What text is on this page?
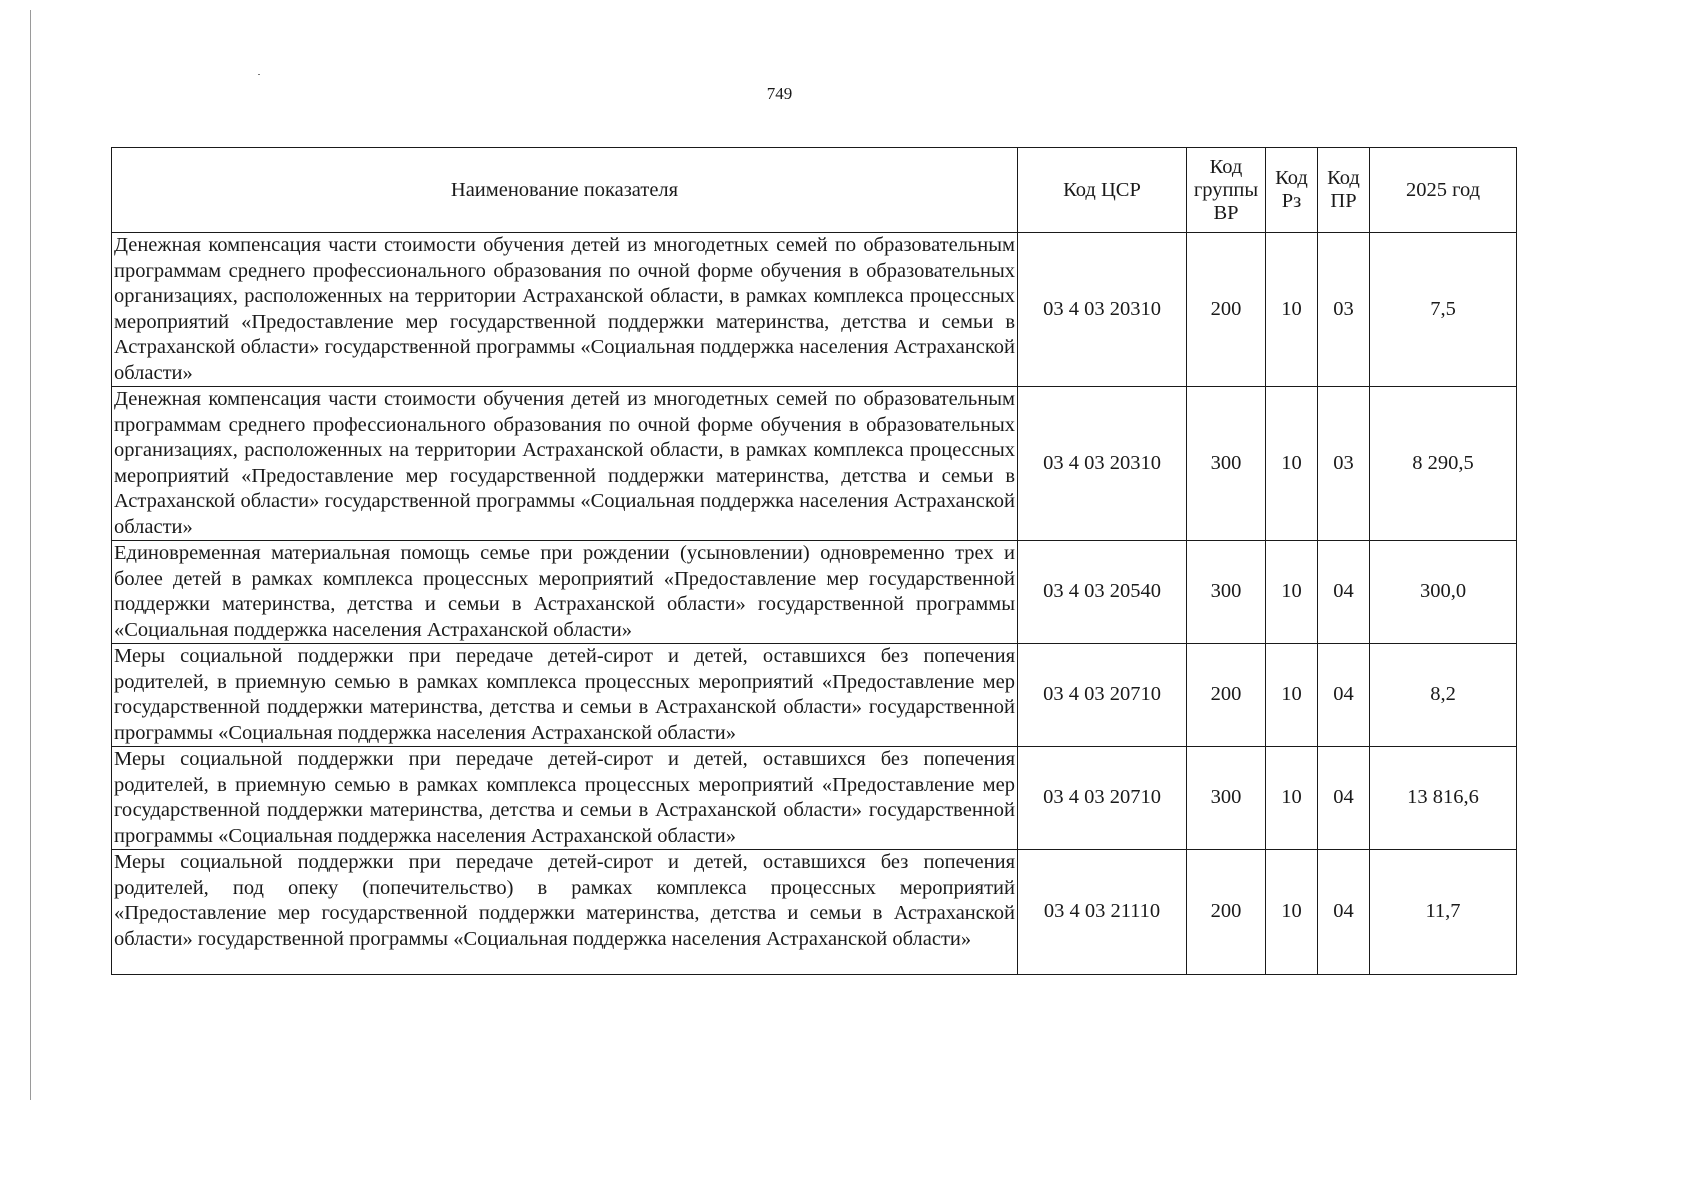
749
Наименование показателя	Код ЦСР	Код группы ВР	Код Рз	Код ПР	2025 год
Денежная компенсация части стоимости обучения детей из многодетных семей по образовательным программам среднего профессионального образования по очной форме обучения в образовательных организациях, расположенных на территории Астраханской области, в рамках комплекса процессных мероприятий «Предоставление мер государственной поддержки материнства, детства и семьи в Астраханской области» государственной программы «Социальная поддержка населения Астраханской области»	03 4 03 20310	200	10	03	7,5
Денежная компенсация части стоимости обучения детей из многодетных семей по образовательным программам среднего профессионального образования по очной форме обучения в образовательных организациях, расположенных на территории Астраханской области, в рамках комплекса процессных мероприятий «Предоставление мер государственной поддержки материнства, детства и семьи в Астраханской области» государственной программы «Социальная поддержка населения Астраханской области»	03 4 03 20310	300	10	03	8 290,5
Единовременная материальная помощь семье при рождении (усыновлении) одновременно трех и более детей в рамках комплекса процессных мероприятий «Предоставление мер государственной поддержки материнства, детства и семьи в Астраханской области» государственной программы «Социальная поддержка населения Астраханской области»	03 4 03 20540	300	10	04	300,0
Меры социальной поддержки при передаче детей-сирот и детей, оставшихся без попечения родителей, в приемную семью в рамках комплекса процессных мероприятий «Предоставление мер государственной поддержки материнства, детства и семьи в Астраханской области» государственной программы «Социальная поддержка населения Астраханской области»	03 4 03 20710	200	10	04	8,2
Меры социальной поддержки при передаче детей-сирот и детей, оставшихся без попечения родителей, в приемную семью в рамках комплекса процессных мероприятий «Предоставление мер государственной поддержки материнства, детства и семьи в Астраханской области» государственной программы «Социальная поддержка населения Астраханской области»	03 4 03 20710	300	10	04	13 816,6
Меры социальной поддержки при передаче детей-сирот и детей, оставшихся без попечения родителей, под опеку (попечительство) в рамках комплекса процессных мероприятий «Предоставление мер государственной поддержки материнства, детства и семьи в Астраханской области» государственной программы «Социальная поддержка населения Астраханской области»	03 4 03 21110	200	10	04	11,7
